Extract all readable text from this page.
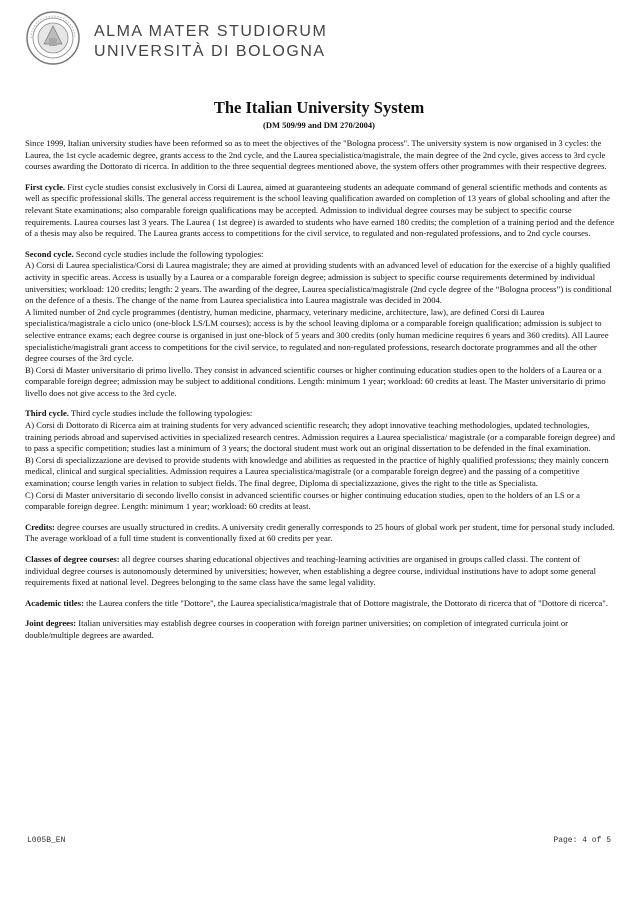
ALMA MATER STUDIORUM
UNIVERSITÀ DI BOLOGNA
The Italian University System
(DM 509/99 and DM 270/2004)

Since 1999, Italian university studies have been reformed so as to meet the objectives of the "Bologna process". The university system is now organised in 3 cycles: the Laurea, the 1st cycle academic degree, grants access to the 2nd cycle, and the Laurea specialistica/magistrale, the main degree of the 2nd cycle, gives access to 3rd cycle courses awarding the Dottorato di ricerca. In addition to the three sequential degrees mentioned above, the system offers other programmes with their respective degrees.

First cycle. First cycle studies consist exclusively in Corsi di Laurea, aimed at guaranteeing students an adequate command of general scientific methods and contents as well as specific professional skills. The general access requirement is the school leaving qualification awarded on completion of 13 years of global schooling and after the relevant State examinations; also comparable foreign qualifications may be accepted. Admission to individual degree courses may be subject to specific course requirements. Laurea courses last 3 years. The Laurea ( 1st degree) is awarded to students who have earned 180 credits; the completion of a training period and the defence of a thesis may also be required. The Laurea grants access to competitions for the civil service, to regulated and non-regulated professions, and to 2nd cycle courses.

Second cycle. Second cycle studies include the following typologies:
A) Corsi di Laurea specialistica/Corsi di Laurea magistrale; they are aimed at providing students with an advanced level of education for the exercise of a highly qualified activity in specific areas. Access is usually by a Laurea or a comparable foreign degree; admission is subject to specific course requirements determined by individual universities; workload: 120 credits; length: 2 years. The awarding of the degree, Laurea specialistica/magistrale (2nd cycle degree of the “Bologna process”) is conditional on the defence of a thesis. The change of the name from Laurea specialistica into Laurea magistrale was decided in 2004.
A limited number of 2nd cycle programmes (dentistry, human medicine, pharmacy, veterinary medicine, architecture, law), are defined Corsi di Laurea specialistica/magistrale a ciclo unico (one-block LS/LM courses); access is by the school leaving diploma or a comparable foreign qualification; admission is subject to selective entrance exams; each degree course is organised in just one-block of 5 years and 300 credits (only human medicine requires 6 years and 360 credits). All Lauree specialistiche/magistrali grant access to competitions for the civil service, to regulated and non-regulated professions, research doctorate programmes and all the other degree courses of the 3rd cycle.
B) Corsi di Master universitario di primo livello. They consist in advanced scientific courses or higher continuing education studies open to the holders of a Laurea or a comparable foreign degree; admission may be subject to additional conditions. Length: minimum 1 year; workload: 60 credits at least. The Master universitario di primo livello does not give access to the 3rd cycle.

Third cycle. Third cycle studies include the following typologies:
A) Corsi di Dottorato di Ricerca aim at training students for very advanced scientific research; they adopt innovative teaching methodologies, updated technologies, training periods abroad and supervised activities in specialized research centres. Admission requires a Laurea specialistica/ magistrale (or a comparable foreign degree) and to pass a specific competition; studies last a minimum of 3 years; the doctoral student must work out an original dissertation to be defended in the final examination.
B) Corsi di specializzazione are devised to provide students with knowledge and abilities as requested in the practice of highly qualified professions; they mainly concern medical, clinical and surgical specialities. Admission requires a Laurea specialistica/magistrale (or a comparable foreign degree) and the passing of a competitive examination; course length varies in relation to subject fields. The final degree, Diploma di specializzazione, gives the right to the title as Specialista.
C) Corsi di Master universitario di secondo livello consist in advanced scientific courses or higher continuing education studies, open to the holders of an LS or a comparable foreign degree. Length: minimum 1 year; workload: 60 credits at least.

Credits: degree courses are usually structured in credits. A university credit generally corresponds to 25 hours of global work per student, time for personal study included. The average workload of a full time student is conventionally fixed at 60 credits per year.

Classes of degree courses: all degree courses sharing educational objectives and teaching-learning activities are organised in groups called classi. The content of individual degree courses is autonomously determined by universities; however, when establishing a degree course, individual institutions have to adopt some general requirements fixed at national level. Degrees belonging to the same class have the same legal validity.

Academic titles: the Laurea confers the title "Dottore", the Laurea specialistica/magistrale that of Dottore magistrale, the Dottorato di ricerca that of "Dottore di ricerca".

Joint degrees: Italian universities may establish degree courses in cooperation with foreign partner universities; on completion of integrated curricula joint or double/multiple degrees are awarded.

L005B_EN	Page: 4 of 5
